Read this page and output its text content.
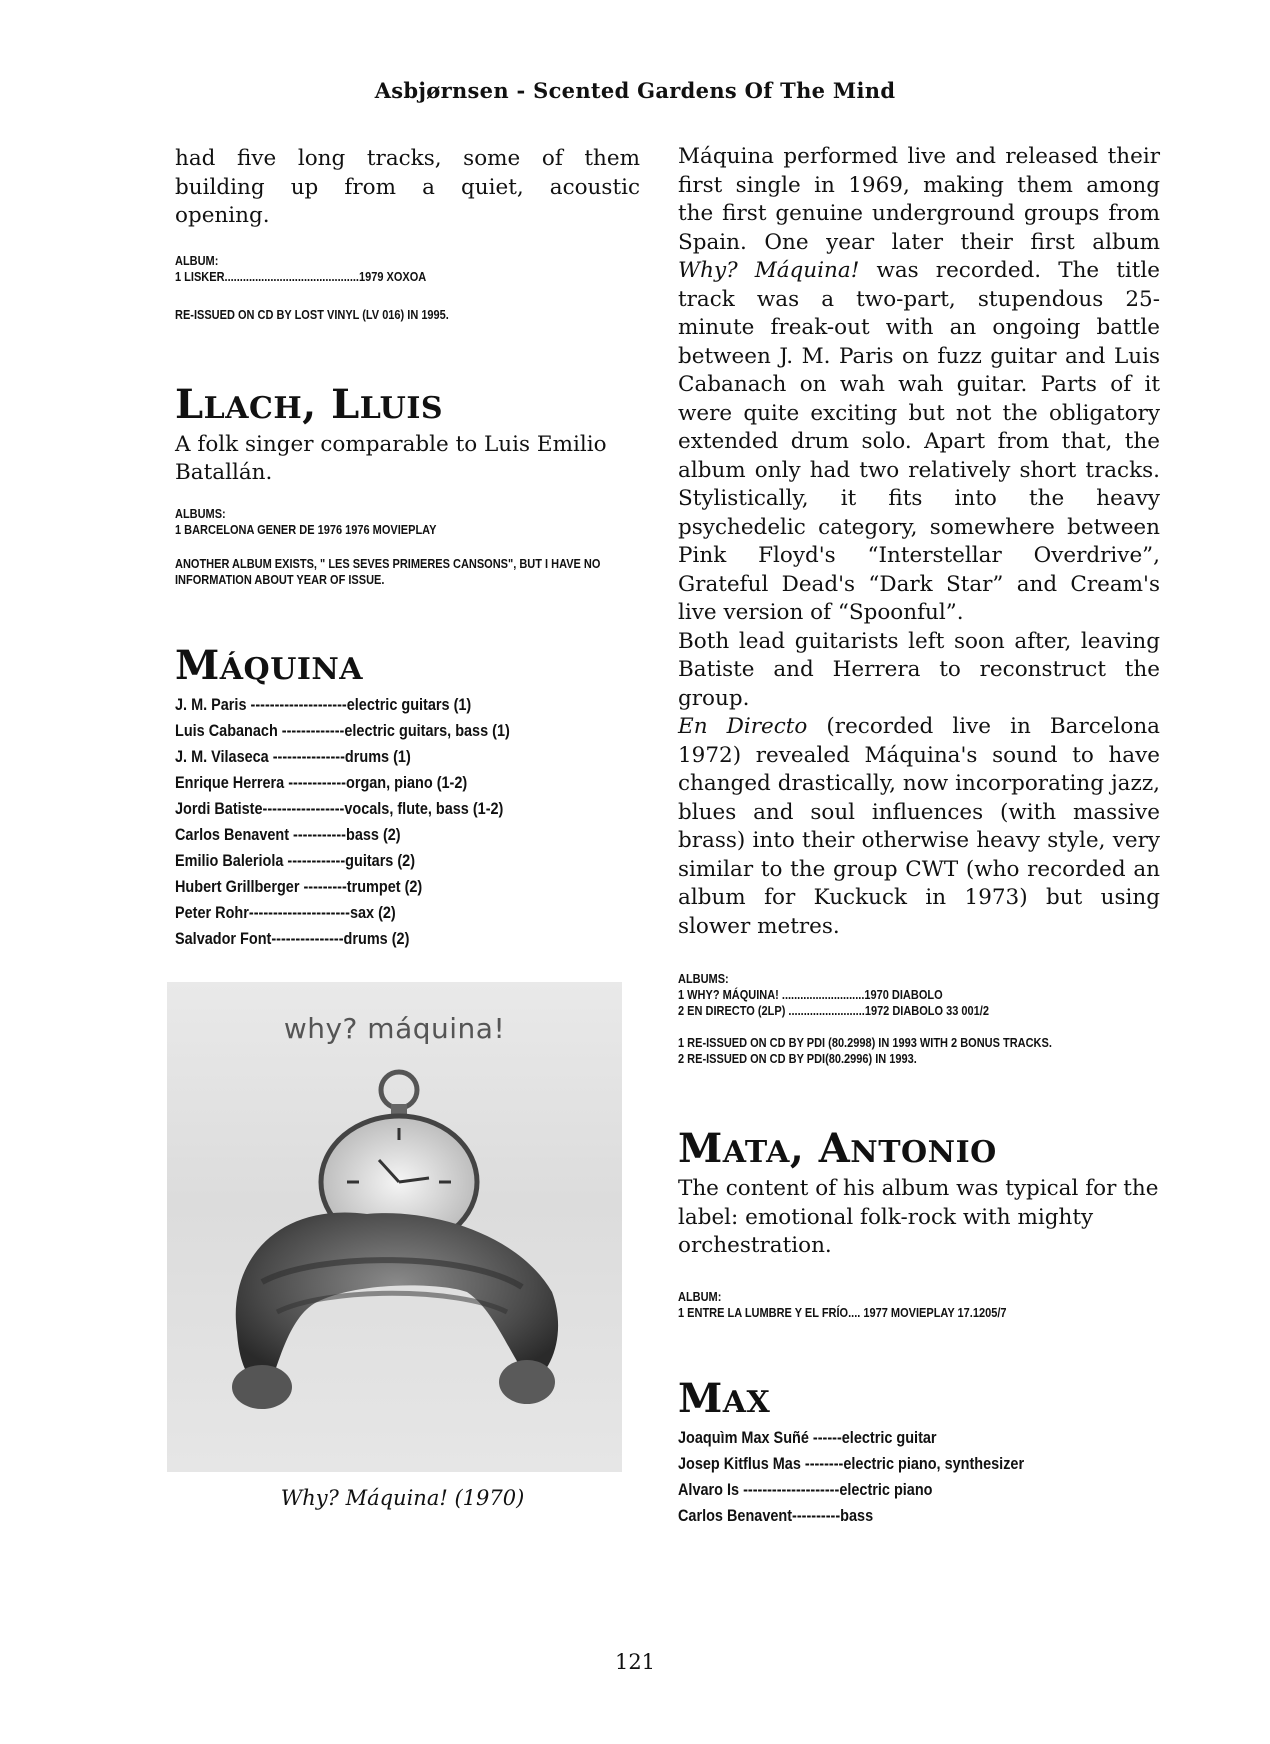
Asbjørnsen - Scented Gardens Of The Mind

had five long tracks, some of them building up from a quiet, acoustic opening.

ALBUM:

1 LISKER............................................1979 XOXOA

RE-ISSUED ON CD BY LOST VINYL (LV 016) IN 1995.

LLACH, LLUIS

A folk singer comparable to Luis Emilio Batallán.

ALBUMS:

1 BARCELONA GENER DE 1976 1976 MOVIEPLAY

ANOTHER ALBUM EXISTS, " LES SEVES PRIMERES CANSONS", BUT I HAVE NO INFORMATION ABOUT YEAR OF ISSUE.

MÁQUINA
J. M. Paris --------------------electric guitars (1)
Luis Cabanach -------------electric guitars, bass (1)
J. M. Vilaseca ---------------drums (1)
Enrique Herrera ------------organ, piano (1-2)
Jordi Batiste-----------------vocals, flute, bass (1-2)
Carlos Benavent -----------bass (2)
Emilio Baleriola ------------guitars (2)
Hubert Grillberger ---------trumpet (2)
Peter Rohr---------------------sax (2)
Salvador Font---------------drums (2)
why? máquina!
Why? Máquina! (1970)

Máquina performed live and released their first single in 1969, making them among the first genuine underground groups from Spain. One year later their first album Why? Máquina! was recorded. The title track was a two-part, stupendous 25-minute freak-out with an ongoing battle between J. M. Paris on fuzz guitar and Luis Cabanach on wah wah guitar. Parts of it were quite exciting but not the obligatory extended drum solo. Apart from that, the album only had two relatively short tracks. Stylistically, it fits into the heavy psychedelic category, somewhere between Pink Floyd's “Interstellar Overdrive”, Grateful Dead's “Dark Star” and Cream's live version of “Spoonful”.

Both lead guitarists left soon after, leaving Batiste and Herrera to reconstruct the group.

En Directo (recorded live in Barcelona 1972) revealed Máquina's sound to have changed drastically, now incorporating jazz, blues and soul influences (with massive brass) into their otherwise heavy style, very similar to the group CWT (who recorded an album for Kuckuck in 1973) but using slower metres.

ALBUMS:

1 WHY? MÁQUINA! ...........................1970 DIABOLO

2 EN DIRECTO (2LP) .........................1972 DIABOLO 33 001/2

1 RE-ISSUED ON CD BY PDI (80.2998) IN 1993 WITH 2 BONUS TRACKS.

2 RE-ISSUED ON CD BY PDI(80.2996) IN 1993.

MATA, ANTONIO

The content of his album was typical for the label: emotional folk-rock with mighty orchestration.

ALBUM:

1 ENTRE LA LUMBRE Y EL FRÍO.... 1977 MOVIEPLAY 17.1205/7

MAX
Joaquìm Max Suñé ------electric guitar
Josep Kitflus Mas --------electric piano, synthesizer
Alvaro Is --------------------electric piano
Carlos Benavent----------bass
121
